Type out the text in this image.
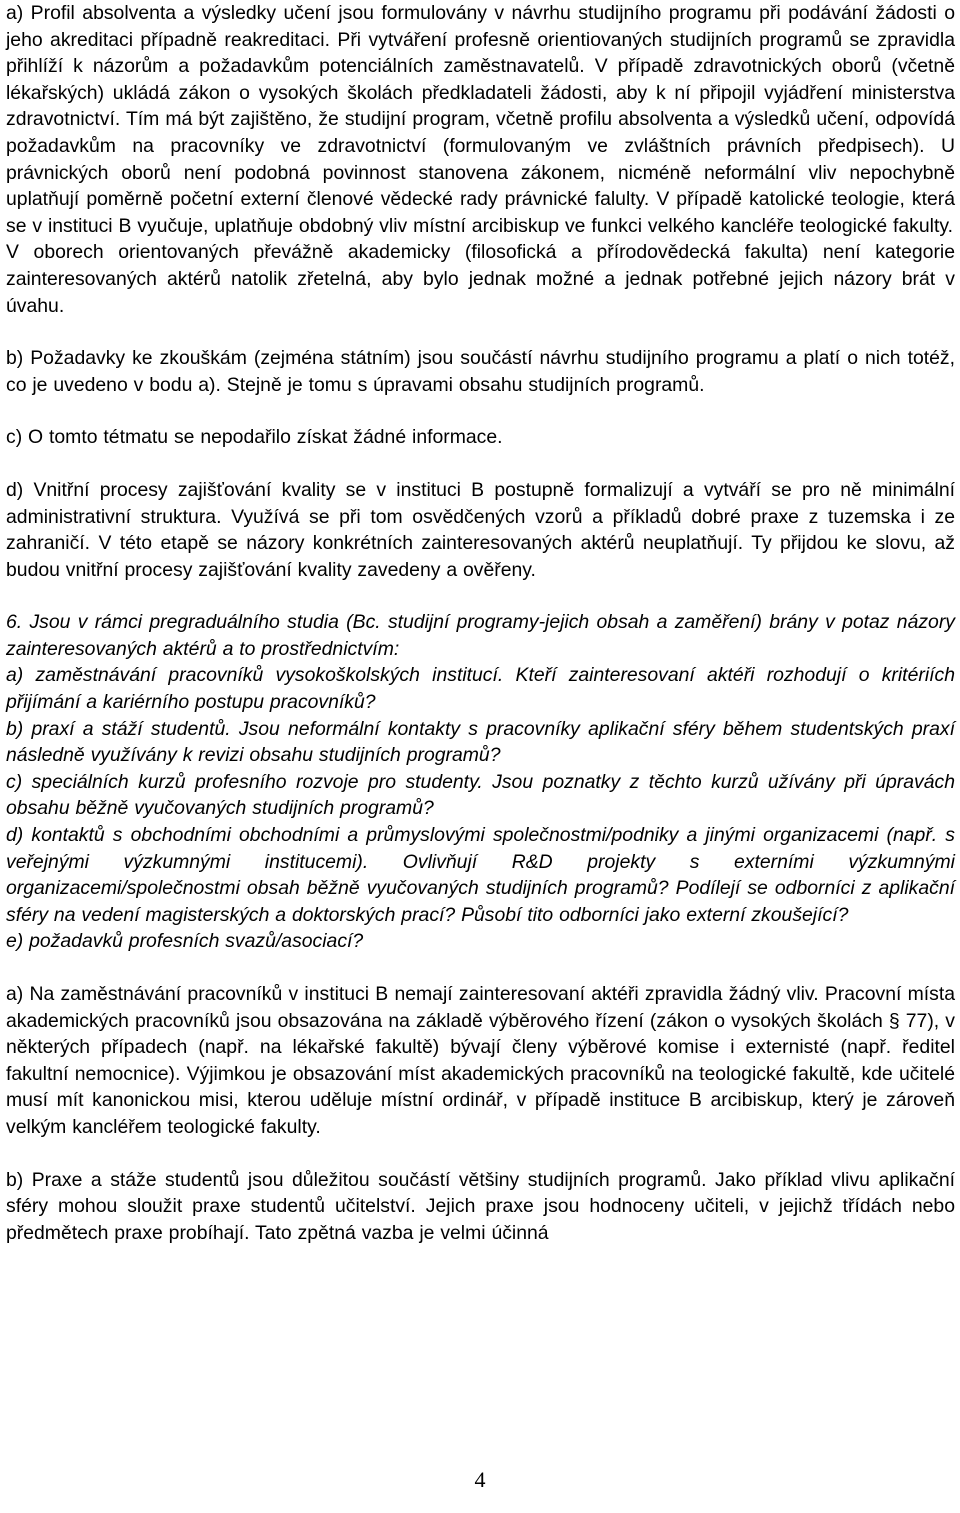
a) Profil absolventa a výsledky učení jsou formulovány v návrhu studijního programu při podávání žádosti o jeho akreditaci případně reakreditaci. Při vytváření profesně orientiovaných studijních programů se zpravidla přihlíží k názorům a požadavkům potenciálních zaměstnavatelů. V případě zdravotnických oborů (včetně lékařských) ukládá zákon o vysokých školách předkladateli žádosti, aby k ní připojil vyjádření ministerstva zdravotnictví. Tím má být zajištěno, že studijní program, včetně profilu absolventa a výsledků učení, odpovídá požadavkům na pracovníky ve zdravotnictví (formulovaným ve zvláštních právních předpisech). U právnických oborů není podobná povinnost stanovena zákonem, nicméně neformální vliv nepochybně uplatňují poměrně početní externí členové vědecké rady právnické falulty. V případě katolické teologie, která se v instituci B vyučuje, uplatňuje obdobný vliv místní arcibiskup ve funkci velkého kancléře teologické fakulty.

V oborech orientovaných převážně akademicky (filosofická a přírodovědecká fakulta) není kategorie zainteresovaných aktérů natolik zřetelná, aby bylo jednak možné a jednak potřebné jejich názory brát v úvahu.

b) Požadavky ke zkouškám (zejména státním) jsou součástí návrhu studijního programu a platí o nich totéž, co je uvedeno v bodu a). Stejně je tomu s úpravami obsahu studijních programů.

c) O tomto tétmatu se nepodařilo získat žádné informace.

d) Vnitřní procesy zajišťování kvality se v instituci B postupně formalizují a vytváří se pro ně minimální administrativní struktura. Využívá se při tom osvědčených vzorů a příkladů dobré praxe z tuzemska i ze zahraničí. V této etapě se názory konkrétních zainteresovaných aktérů neuplatňují. Ty přijdou ke slovu, až budou vnitřní procesy zajišťování kvality zavedeny a ověřeny.

6. Jsou v rámci pregraduálního studia (Bc. studijní programy-jejich obsah a zaměření) brány v potaz názory zainteresovaných aktérů a to prostřednictvím:

a) zaměstnávání pracovníků vysokoškolských institucí. Kteří zainteresovaní aktéři rozhodují o kritériích přijímání a kariérního postupu pracovníků?

b) praxí a stáží studentů. Jsou neformální kontakty s pracovníky aplikační sféry během studentských praxí následně využívány k revizi obsahu studijních programů?

c) speciálních kurzů profesního rozvoje pro studenty. Jsou poznatky z těchto kurzů užívány při úpravách obsahu běžně vyučovaných studijních programů?

d) kontaktů s obchodními obchodními a průmyslovými společnostmi/podniky a jinými organizacemi (např. s veřejnými výzkumnými institucemi). Ovlivňují R&D projekty s externími výzkumnými organizacemi/společnostmi obsah běžně vyučovaných studijních programů? Podílejí se odborníci z aplikační sféry na vedení magisterských a doktorských prací? Působí tito odborníci jako externí zkoušející?

e) požadavků profesních svazů/asociací?

a) Na zaměstnávání pracovníků v instituci B nemají zainteresovaní aktéři zpravidla žádný vliv. Pracovní místa akademických pracovníků jsou obsazována na základě výběrového řízení (zákon o vysokých školách § 77), v některých případech (např. na lékařské fakultě) bývají členy výběrové komise i externisté (např. ředitel fakultní nemocnice). Výjimkou je obsazování míst akademických pracovníků na teologické fakultě, kde učitelé musí mít kanonickou misi, kterou uděluje místní ordinář, v případě instituce B arcibiskup, který je zároveň velkým kancléřem teologické fakulty.

b) Praxe a stáže studentů jsou důležitou součástí většiny studijních programů. Jako příklad vlivu aplikační sféry mohou sloužit praxe studentů učitelství. Jejich praxe jsou hodnoceny učiteli, v jejichž třídách nebo předmětech praxe probíhají. Tato zpětná vazba je velmi účinná

4
